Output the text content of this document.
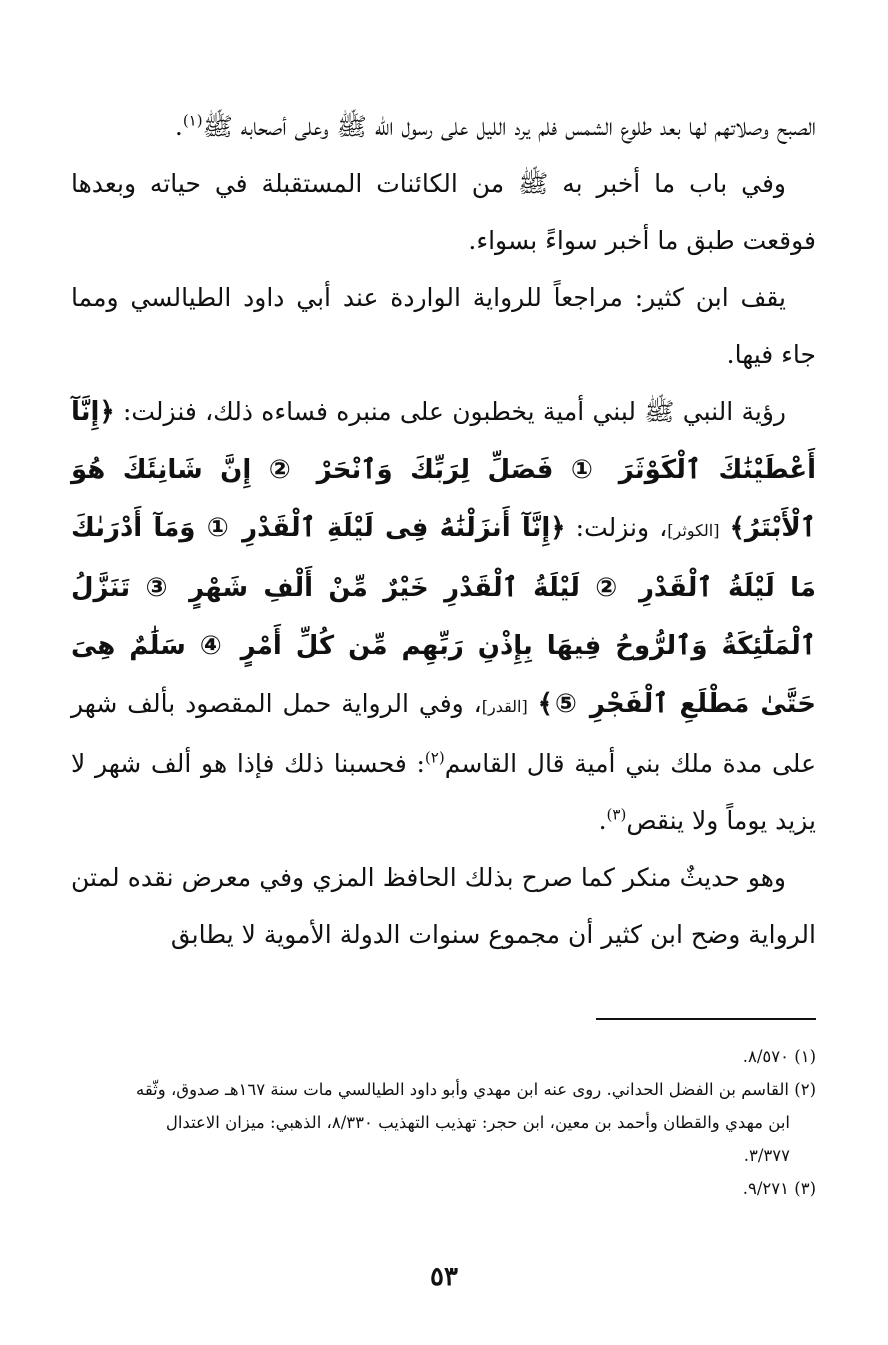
الصبح وصلاتهم لها بعد طلوع الشمس فلم يرد الليل على رسول الله ﷺ وعلى أصحابه ﷺ$^{(١)}$.

وفي باب ما أخبر به ﷺ من الكائنات المستقبلة في حياته وبعدها فوقعت طبق ما أخبر سواءً بسواء.

يقف ابن كثير: مراجعاً للرواية الواردة عند أبي داود الطيالسي ومما جاء فيها.

رؤية النبي ﷺ لبني أمية يخطبون على منبره فساءه ذلك، فنزلت: ﴿إِنَّآ أَعْطَيْنَٰكَ ٱلْكَوْثَرَ ① فَصَلِّ لِرَبِّكَ وَٱنْحَرْ ② إِنَّ شَانِئَكَ هُوَ ٱلْأَبْتَرُ﴾ [الكوثر]، ونزلت: ﴿إِنَّآ أَنزَلْنَٰهُ فِى لَيْلَةِ ٱلْقَدْرِ ① وَمَآ أَدْرَىٰكَ مَا لَيْلَةُ ٱلْقَدْرِ ② لَيْلَةُ ٱلْقَدْرِ خَيْرٌ مِّنْ أَلْفِ شَهْرٍ ③ تَنَزَّلُ ٱلْمَلَٰٓئِكَةُ وَٱلرُّوحُ فِيهَا بِإِذْنِ رَبِّهِم مِّن كُلِّ أَمْرٍ ④ سَلَٰمٌ هِىَ حَتَّىٰ مَطْلَعِ ٱلْفَجْرِ ⑤﴾ [القدر]، وفي الرواية حمل المقصود بألف شهر على مدة ملك بني أمية قال القاسم$^{(٢)}$: فحسبنا ذلك فإذا هو ألف شهر لا يزيد يوماً ولا ينقص$^{(٣)}$.

وهو حديثٌ منكر كما صرح بذلك الحافظ المزي وفي معرض نقده لمتن الرواية وضح ابن كثير أن مجموع سنوات الدولة الأموية لا يطابق

(١) ٨/٥٧٠.

(٢) القاسم بن الفضل الحداني. روى عنه ابن مهدي وأبو داود الطيالسي مات سنة ١٦٧هـ صدوق، وثّقه

ابن مهدي والقطان وأحمد بن معين، ابن حجر: تهذيب التهذيب ٨/٣٣٠، الذهبي: ميزان الاعتدال

٣/٣٧٧.

(٣) ٩/٢٧١.

٥٣
